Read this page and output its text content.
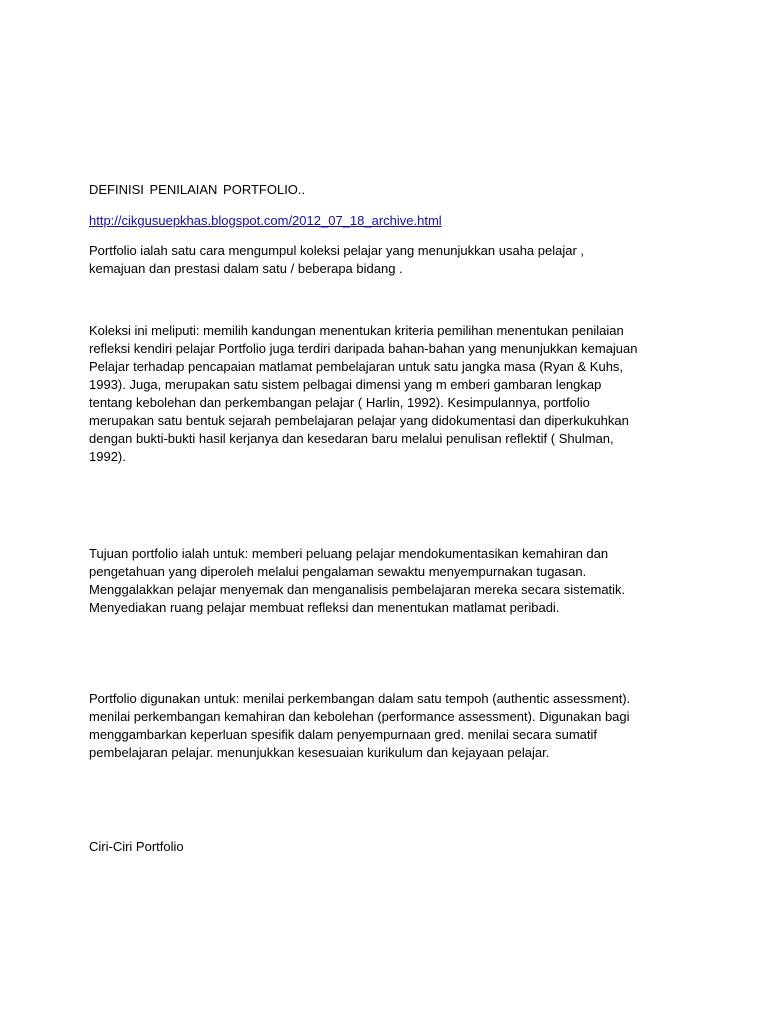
DEFINISI PENILAIAN PORTFOLIO..
http://cikgusuepkhas.blogspot.com/2012_07_18_archive.html

Portfolio ialah satu cara mengumpul koleksi pelajar yang menunjukkan usaha pelajar ,
kemajuan dan prestasi dalam satu / beberapa bidang .

Koleksi ini meliputi: memilih kandungan menentukan kriteria pemilihan menentukan penilaian
refleksi kendiri pelajar Portfolio juga terdiri daripada bahan-bahan yang menunjukkan kemajuan
Pelajar terhadap pencapaian matlamat pembelajaran untuk satu jangka masa (Ryan & Kuhs,
1993). Juga, merupakan satu sistem pelbagai dimensi yang m emberi gambaran lengkap
tentang kebolehan dan perkembangan pelajar ( Harlin, 1992). Kesimpulannya, portfolio
merupakan satu bentuk sejarah pembelajaran pelajar yang didokumentasi dan diperkukuhkan
dengan bukti-bukti hasil kerjanya dan kesedaran baru melalui penulisan reflektif ( Shulman,
1992).

Tujuan portfolio ialah untuk: memberi peluang pelajar mendokumentasikan kemahiran dan
pengetahuan yang diperoleh melalui pengalaman sewaktu menyempurnakan tugasan.
Menggalakkan pelajar menyemak dan menganalisis pembelajaran mereka secara sistematik.
Menyediakan ruang pelajar membuat refleksi dan menentukan matlamat peribadi.

Portfolio digunakan untuk: menilai perkembangan dalam satu tempoh (authentic assessment).
menilai perkembangan kemahiran dan kebolehan (performance assessment). Digunakan bagi
menggambarkan keperluan spesifik dalam penyempurnaan gred. menilai secara sumatif
pembelajaran pelajar. menunjukkan kesesuaian kurikulum dan kejayaan pelajar.

Ciri-Ciri Portfolio
